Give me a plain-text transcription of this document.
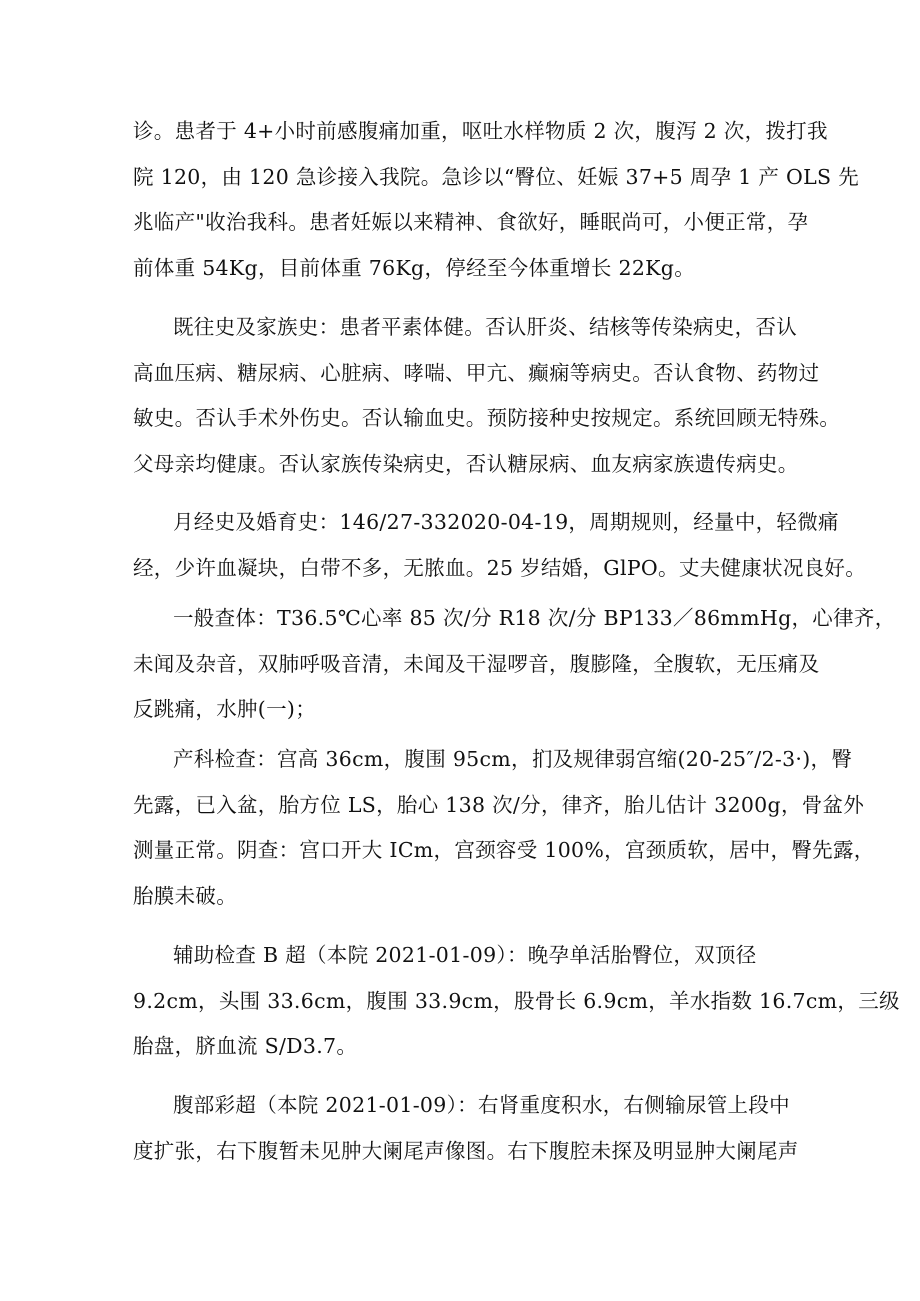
诊。患者于 4+小时前感腹痛加重，呕吐水样物质 2 次，腹泻 2 次，拨打我
院 120，由 120 急诊接入我院。急诊以“臀位、妊娠 37+5 周孕 1 产 OLS 先
兆临产"收治我科。患者妊娠以来精神、食欲好，睡眠尚可，小便正常，孕
前体重 54Kg，目前体重 76Kg，停经至今体重增长 22Kg。

既往史及家族史：患者平素体健。否认肝炎、结核等传染病史，否认
高血压病、糖尿病、心脏病、哮喘、甲亢、癫痫等病史。否认食物、药物过
敏史。否认手术外伤史。否认输血史。预防接种史按规定。系统回顾无特殊。
父母亲均健康。否认家族传染病史，否认糖尿病、血友病家族遗传病史。

月经史及婚育史：146/27-332020-04-19，周期规则，经量中，轻微痛
经，少许血凝块，白带不多，无脓血。25 岁结婚，GlPO。丈夫健康状况良好。

一般查体：T36.5℃心率 85 次/分 R18 次/分 BP133／86mmHg，心律齐，
未闻及杂音，双肺呼吸音清，未闻及干湿啰音，腹膨隆，全腹软，无压痛及
反跳痛，水肿(一)；

产科检查：宫高 36cm，腹围 95cm，扪及规律弱宫缩(20-25″/2-3·)，臀
先露，已入盆，胎方位 LS，胎心 138 次/分，律齐，胎儿估计 3200g，骨盆外
测量正常。阴查：宫口开大 ICm，宫颈容受 100%，宫颈质软，居中，臀先露，
胎膜未破。

辅助检查 B 超（本院 2021-01-09）：晚孕单活胎臀位，双顶径
9.2cm，头围 33.6cm，腹围 33.9cm，股骨长 6.9cm，羊水指数 16.7cm，三级
胎盘，脐血流 S/D3.7。

腹部彩超（本院 2021-01-09）：右肾重度积水，右侧输尿管上段中
度扩张，右下腹暂未见肿大阑尾声像图。右下腹腔未探及明显肿大阑尾声
